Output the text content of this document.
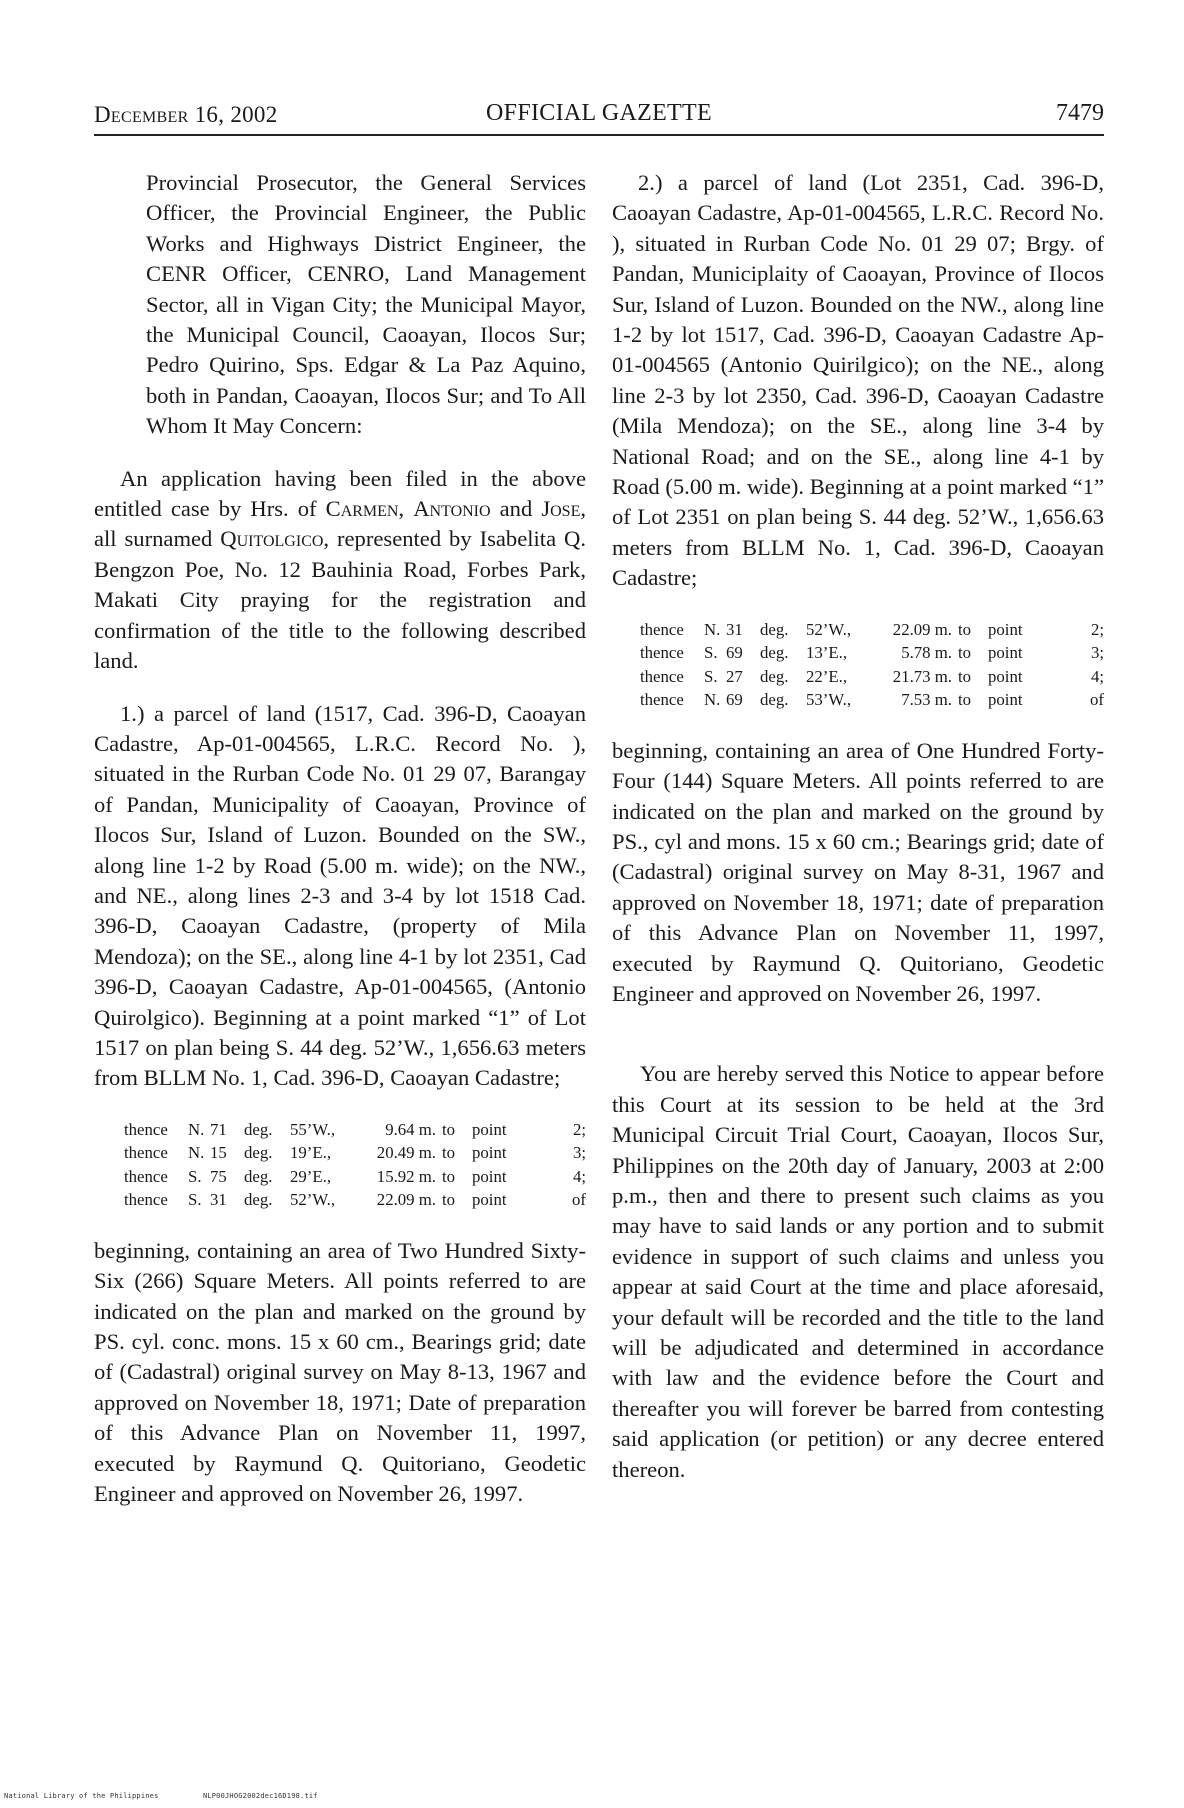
December 16, 2002	OFFICIAL GAZETTE	7479

Provincial Prosecutor, the General Services Officer, the Provincial Engineer, the Public Works and Highways District Engineer, the CENR Officer, CENRO, Land Management Sector, all in Vigan City; the Municipal Mayor, the Municipal Council, Caoayan, Ilocos Sur; Pedro Quirino, Sps. Edgar & La Paz Aquino, both in Pandan, Caoayan, Ilocos Sur; and To All Whom It May Concern:

An application having been filed in the above entitled case by Hrs. of Carmen, Antonio and Jose, all surnamed Quitolgico, represented by Isabelita Q. Bengzon Poe, No. 12 Bauhinia Road, Forbes Park, Makati City praying for the registration and confirmation of the title to the following described land.

1.) a parcel of land (1517, Cad. 396-D, Caoayan Cadastre, Ap-01-004565, L.R.C. Record No. ), situated in the Rurban Code No. 01 29 07, Barangay of Pandan, Municipality of Caoayan, Province of Ilocos Sur, Island of Luzon. Bounded on the SW., along line 1-2 by Road (5.00 m. wide); on the NW., and NE., along lines 2-3 and 3-4 by lot 1518 Cad. 396-D, Caoayan Cadastre, (property of Mila Mendoza); on the SE., along line 4-1 by lot 2351, Cad 396-D, Caoayan Cadastre, Ap-01-004565, (Antonio Quirolgico). Beginning at a point marked “1” of Lot 1517 on plan being S. 44 deg. 52’W., 1,656.63 meters from BLLM No. 1, Cad. 396-D, Caoayan Cadastre;

thence	N.	71	deg.	55’W.,	9.64 m.	to	point	2;
thence	N.	15	deg.	19’E.,	20.49 m.	to	point	3;
thence	S.	75	deg.	29’E.,	15.92 m.	to	point	4;
thence	S.	31	deg.	52’W.,	22.09 m.	to	point	of

beginning, containing an area of Two Hundred Sixty-Six (266) Square Meters. All points referred to are indicated on the plan and marked on the ground by PS. cyl. conc. mons. 15 x 60 cm., Bearings grid; date of (Cadastral) original survey on May 8-13, 1967 and approved on November 18, 1971; Date of preparation of this Advance Plan on November 11, 1997, executed by Raymund Q. Quitoriano, Geodetic Engineer and approved on November 26, 1997.

2.) a parcel of land (Lot 2351, Cad. 396-D, Caoayan Cadastre, Ap-01-004565, L.R.C. Record No. ), situated in Rurban Code No. 01 29 07; Brgy. of Pandan, Municiplaity of Caoayan, Province of Ilocos Sur, Island of Luzon. Bounded on the NW., along line 1-2 by lot 1517, Cad. 396-D, Caoayan Cadastre Ap-01-004565 (Antonio Quirilgico); on the NE., along line 2-3 by lot 2350, Cad. 396-D, Caoayan Cadastre (Mila Mendoza); on the SE., along line 3-4 by National Road; and on the SE., along line 4-1 by Road (5.00 m. wide). Beginning at a point marked “1” of Lot 2351 on plan being S. 44 deg. 52’W., 1,656.63 meters from BLLM No. 1, Cad. 396-D, Caoayan Cadastre;

thence	N.	31	deg.	52’W.,	22.09 m.	to	point	2;
thence	S.	69	deg.	13’E.,	5.78 m.	to	point	3;
thence	S.	27	deg.	22’E.,	21.73 m.	to	point	4;
thence	N.	69	deg.	53’W.,	7.53 m.	to	point	of

beginning, containing an area of One Hundred Forty-Four (144) Square Meters. All points referred to are indicated on the plan and marked on the ground by PS., cyl and mons. 15 x 60 cm.; Bearings grid; date of (Cadastral) original survey on May 8-31, 1967 and approved on November 18, 1971; date of preparation of this Advance Plan on November 11, 1997, executed by Raymund Q. Quitoriano, Geodetic Engineer and approved on November 26, 1997.

You are hereby served this Notice to appear before this Court at its session to be held at the 3rd Municipal Circuit Trial Court, Caoayan, Ilocos Sur, Philippines on the 20th day of January, 2003 at 2:00 p.m., then and there to present such claims as you may have to said lands or any portion and to submit evidence in support of such claims and unless you appear at said Court at the time and place aforesaid, your default will be recorded and the title to the land will be adjudicated and determined in accordance with law and the evidence before the Court and thereafter you will forever be barred from contesting said application (or petition) or any decree entered thereon.

National Library of the Philippines	NLP00JHOG2002dec16D198.tif
